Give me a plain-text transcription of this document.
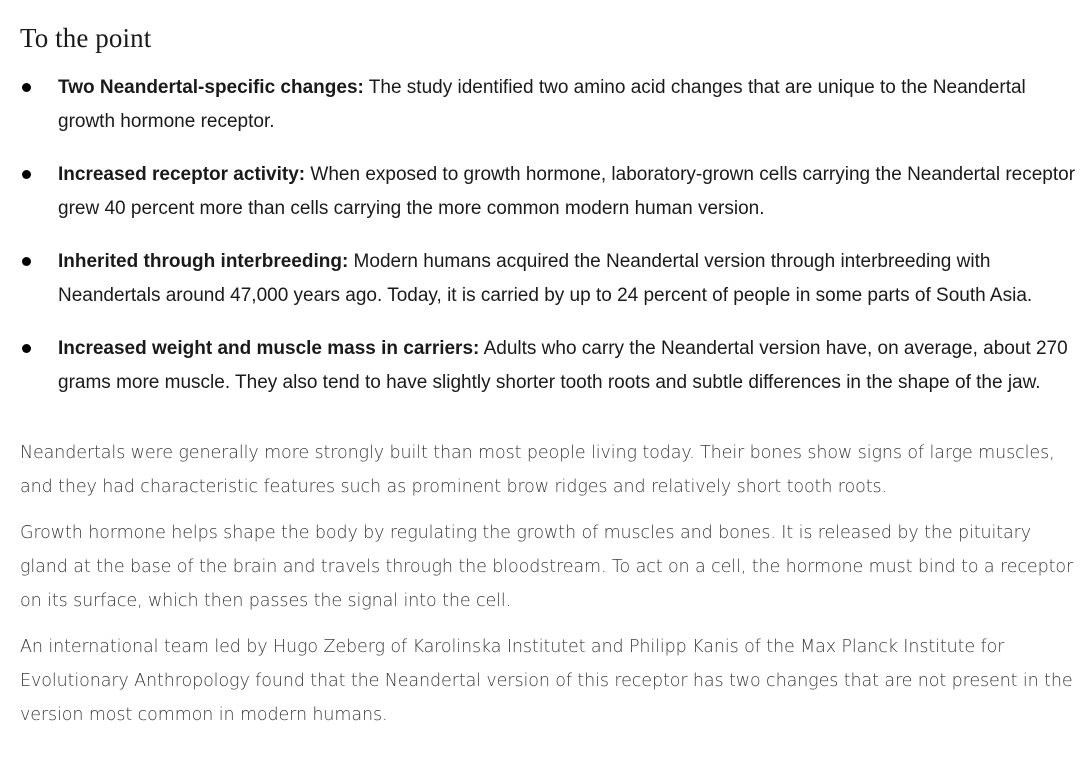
To the point
Two Neandertal-specific changes: The study identified two amino acid changes that are unique to the Neandertal growth hormone receptor.
Increased receptor activity: When exposed to growth hormone, laboratory-grown cells carrying the Neandertal receptor grew 40 percent more than cells carrying the more common modern human version.
Inherited through interbreeding: Modern humans acquired the Neandertal version through interbreeding with Neandertals around 47,000 years ago. Today, it is carried by up to 24 percent of people in some parts of South Asia.
Increased weight and muscle mass in carriers: Adults who carry the Neandertal version have, on average, about 270 grams more muscle. They also tend to have slightly shorter tooth roots and subtle differences in the shape of the jaw.

Neandertals were generally more strongly built than most people living today. Their bones show signs of large muscles, and they had characteristic features such as prominent brow ridges and relatively short tooth roots.

Growth hormone helps shape the body by regulating the growth of muscles and bones. It is released by the pituitary gland at the base of the brain and travels through the bloodstream. To act on a cell, the hormone must bind to a receptor on its surface, which then passes the signal into the cell.

An international team led by Hugo Zeberg of Karolinska Institutet and Philipp Kanis of the Max Planck Institute for Evolutionary Anthropology found that the Neandertal version of this receptor has two changes that are not present in the version most common in modern humans.
